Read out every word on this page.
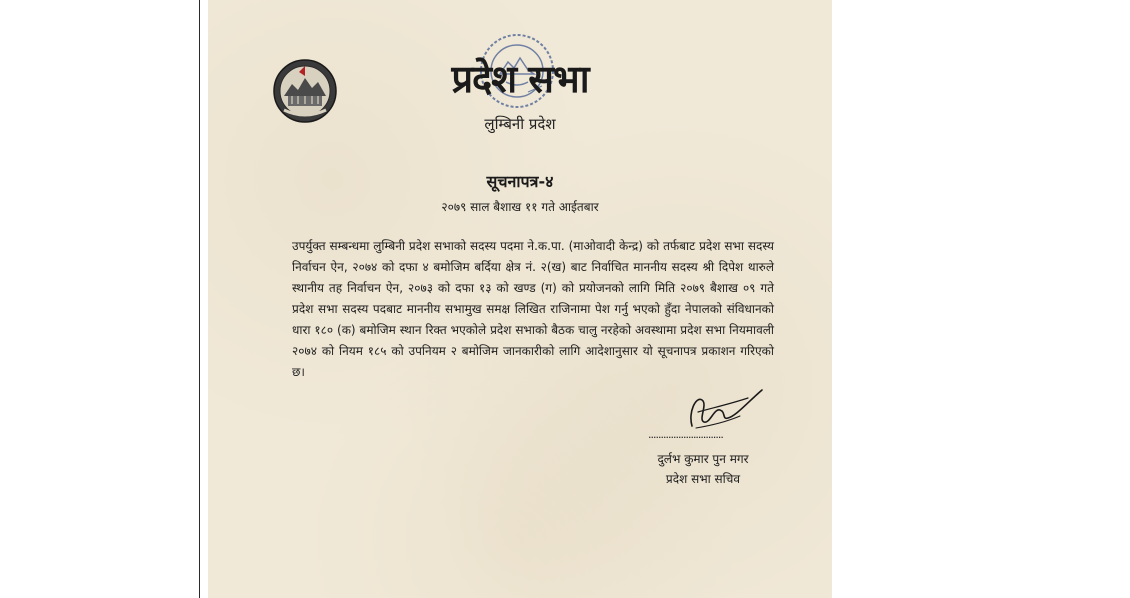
प्रदेश सभा
लुम्बिनी प्रदेश
सूचनापत्र-४
२०७९ साल बैशाख ११ गते आईतबार
उपर्युक्त सम्बन्धमा लुम्बिनी प्रदेश सभाको सदस्य पदमा ने.क.पा. (माओवादी केन्द्र) को तर्फबाट प्रदेश सभा सदस्य निर्वाचन ऐन, २०७४ को दफा ४ बमोजिम बर्दिया क्षेत्र नं. २(ख) बाट निर्वाचित माननीय सदस्य श्री दिपेश थारुले स्थानीय तह निर्वाचन ऐन, २०७३ को दफा १३ को खण्ड (ग) को प्रयोजनको लागि मिति २०७९ बैशाख ०९ गते प्रदेश सभा सदस्य पदबाट माननीय सभामुख समक्ष लिखित राजिनामा पेश गर्नु भएको हुँदा नेपालको संविधानको धारा १८० (क) बमोजिम स्थान रिक्त भएकोले प्रदेश सभाको बैठक चालु नरहेको अवस्थामा प्रदेश सभा नियमावली २०७४ को नियम १८५ को उपनियम २ बमोजिम जानकारीको लागि आदेशानुसार यो सूचनापत्र प्रकाशन गरिएको छ।
..............................
दुर्लभ कुमार पुन मगर
प्रदेश सभा सचिव
